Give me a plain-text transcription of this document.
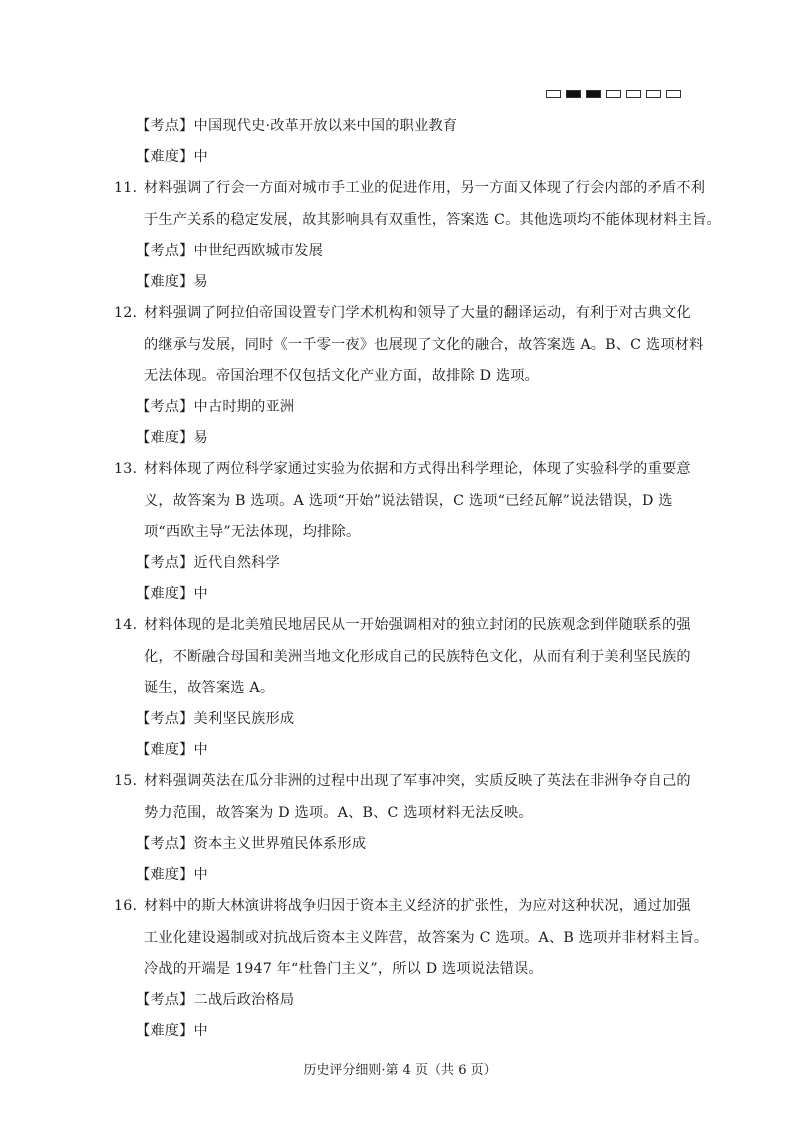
【考点】中国现代史·改革开放以来中国的职业教育
【难度】中
11. 材料强调了行会一方面对城市手工业的促进作用，另一方面又体现了行会内部的矛盾不利
于生产关系的稳定发展，故其影响具有双重性，答案选 C。其他选项均不能体现材料主旨。
【考点】中世纪西欧城市发展
【难度】易
12. 材料强调了阿拉伯帝国设置专门学术机构和领导了大量的翻译运动，有利于对古典文化
的继承与发展，同时《一千零一夜》也展现了文化的融合，故答案选 A。B、C 选项材料
无法体现。帝国治理不仅包括文化产业方面，故排除 D 选项。
【考点】中古时期的亚洲
【难度】易
13. 材料体现了两位科学家通过实验为依据和方式得出科学理论，体现了实验科学的重要意
义，故答案为 B 选项。A 选项“开始”说法错误，C 选项“已经瓦解”说法错误，D 选
项“西欧主导”无法体现，均排除。
【考点】近代自然科学
【难度】中
14. 材料体现的是北美殖民地居民从一开始强调相对的独立封闭的民族观念到伴随联系的强
化，不断融合母国和美洲当地文化形成自己的民族特色文化，从而有利于美利坚民族的
诞生，故答案选 A。
【考点】美利坚民族形成
【难度】中
15. 材料强调英法在瓜分非洲的过程中出现了军事冲突，实质反映了英法在非洲争夺自己的
势力范围，故答案为 D 选项。A、B、C 选项材料无法反映。
【考点】资本主义世界殖民体系形成
【难度】中
16. 材料中的斯大林演讲将战争归因于资本主义经济的扩张性，为应对这种状况，通过加强
工业化建设遏制或对抗战后资本主义阵营，故答案为 C 选项。A、B 选项并非材料主旨。
冷战的开端是 1947 年“杜鲁门主义”，所以 D 选项说法错误。
【考点】二战后政治格局
【难度】中
历史评分细则·第 4 页（共 6 页）
